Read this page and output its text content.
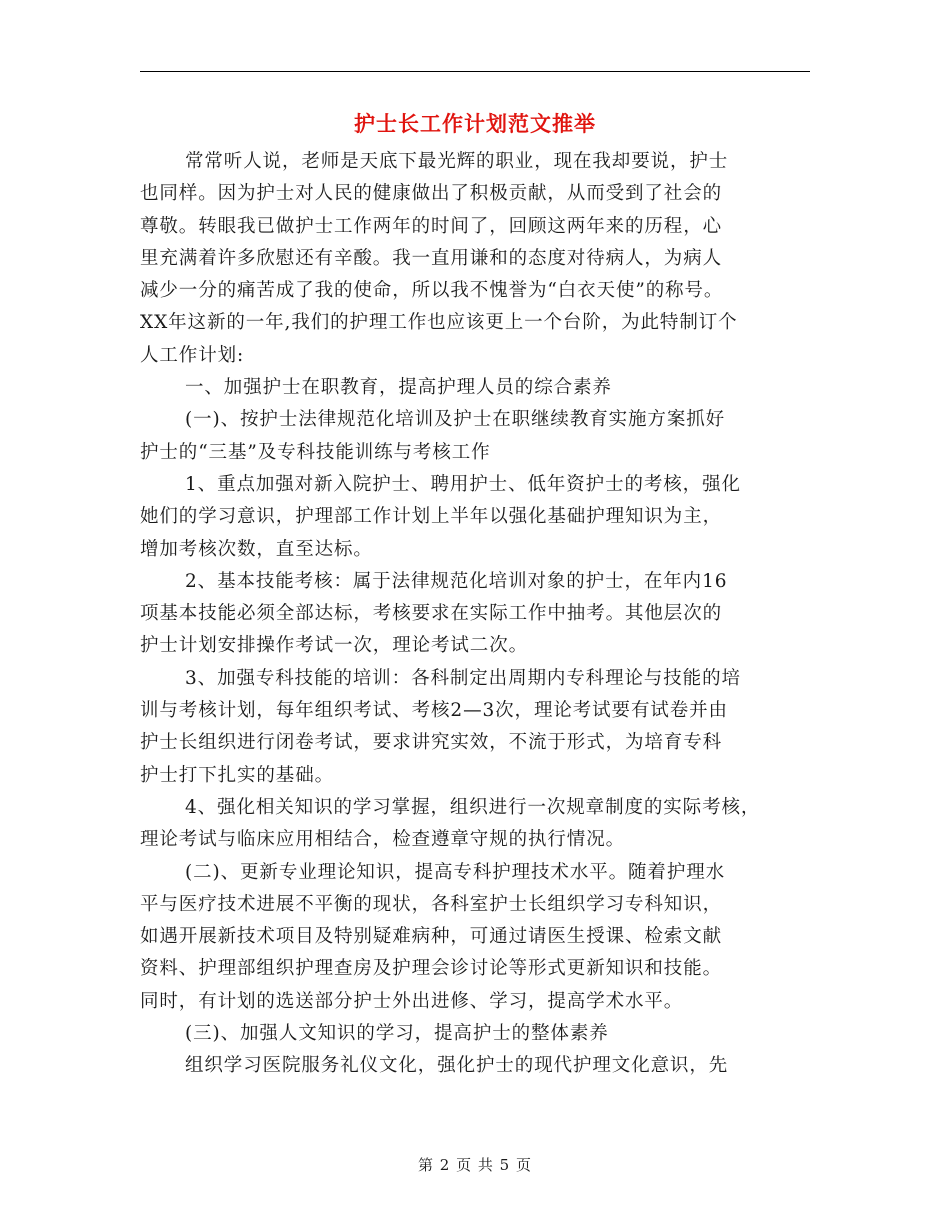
护士长工作计划范文推举
常常听人说，老师是天底下最光辉的职业，现在我却要说，护士
也同样。因为护士对人民的健康做出了积极贡献，从而受到了社会的
尊敬。转眼我已做护士工作两年的时间了，回顾这两年来的历程，心
里充满着许多欣慰还有辛酸。我一直用谦和的态度对待病人，为病人
减少一分的痛苦成了我的使命，所以我不愧誉为“白衣天使”的称号。
XX年这新的一年,我们的护理工作也应该更上一个台阶，为此特制订个
人工作计划:
一、加强护士在职教育，提高护理人员的综合素养
(一)、按护士法律规范化培训及护士在职继续教育实施方案抓好
护士的“三基”及专科技能训练与考核工作
1、重点加强对新入院护士、聘用护士、低年资护士的考核，强化
她们的学习意识，护理部工作计划上半年以强化基础护理知识为主，
增加考核次数，直至达标。
2、基本技能考核：属于法律规范化培训对象的护士，在年内16
项基本技能必须全部达标，考核要求在实际工作中抽考。其他层次的
护士计划安排操作考试一次，理论考试二次。
3、加强专科技能的培训：各科制定出周期内专科理论与技能的培
训与考核计划，每年组织考试、考核2—3次，理论考试要有试卷并由
护士长组织进行闭卷考试，要求讲究实效，不流于形式，为培育专科
护士打下扎实的基础。
4、强化相关知识的学习掌握，组织进行一次规章制度的实际考核，
理论考试与临床应用相结合，检查遵章守规的执行情况。
(二)、更新专业理论知识，提高专科护理技术水平。随着护理水
平与医疗技术进展不平衡的现状，各科室护士长组织学习专科知识，
如遇开展新技术项目及特别疑难病种，可通过请医生授课、检索文献
资料、护理部组织护理查房及护理会诊讨论等形式更新知识和技能。
同时，有计划的选送部分护士外出进修、学习，提高学术水平。
(三)、加强人文知识的学习，提高护士的整体素养
组织学习医院服务礼仪文化，强化护士的现代护理文化意识，先
第 2 页 共 5 页
